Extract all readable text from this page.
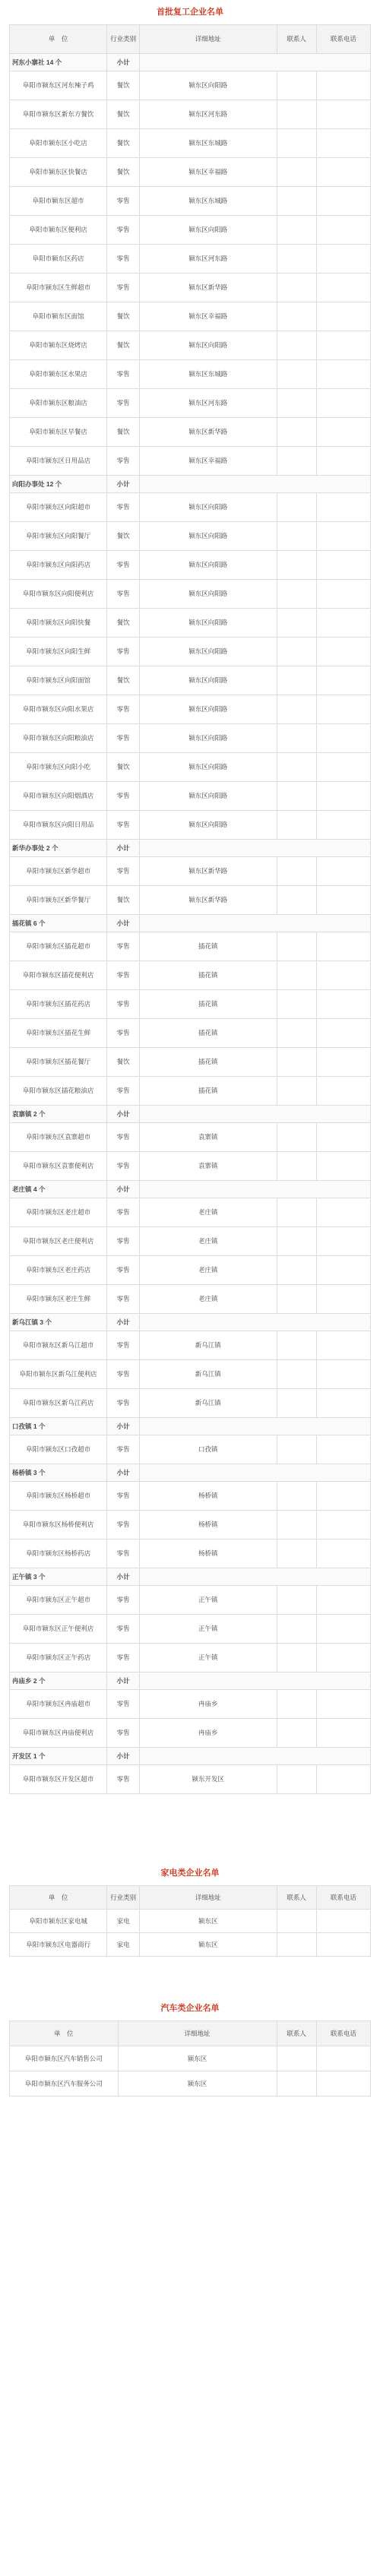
首批复工企业名单
单　位	行业类别	详细地址	联系人	联系电话
河东小寨社 14 个	小计			
阜阳市颍东区河东辣子鸡	餐饮	颍东区向阳路		
阜阳市颍东区新东方餐饮	餐饮	颍东区河东路		
阜阳市颍东区小吃店	餐饮	颍东区东城路		
阜阳市颍东区快餐店	餐饮	颍东区幸福路		
阜阳市颍东区超市	零售	颍东区东城路		
阜阳市颍东区便利店	零售	颍东区向阳路		
阜阳市颍东区药店	零售	颍东区河东路		
阜阳市颍东区生鲜超市	零售	颍东区新华路		
阜阳市颍东区面馆	餐饮	颍东区幸福路		
阜阳市颍东区烧烤店	餐饮	颍东区向阳路		
阜阳市颍东区水果店	零售	颍东区东城路		
阜阳市颍东区粮油店	零售	颍东区河东路		
阜阳市颍东区早餐店	餐饮	颍东区新华路		
阜阳市颍东区日用品店	零售	颍东区幸福路		
向阳办事处 12 个	小计			
阜阳市颍东区向阳超市	零售	颍东区向阳路		
阜阳市颍东区向阳餐厅	餐饮	颍东区向阳路		
阜阳市颍东区向阳药店	零售	颍东区向阳路		
阜阳市颍东区向阳便利店	零售	颍东区向阳路		
阜阳市颍东区向阳快餐	餐饮	颍东区向阳路		
阜阳市颍东区向阳生鲜	零售	颍东区向阳路		
阜阳市颍东区向阳面馆	餐饮	颍东区向阳路		
阜阳市颍东区向阳水果店	零售	颍东区向阳路		
阜阳市颍东区向阳粮油店	零售	颍东区向阳路		
阜阳市颍东区向阳小吃	餐饮	颍东区向阳路		
阜阳市颍东区向阳烟酒店	零售	颍东区向阳路		
阜阳市颍东区向阳日用品	零售	颍东区向阳路		
新华办事处 2 个	小计			
阜阳市颍东区新华超市	零售	颍东区新华路		
阜阳市颍东区新华餐厅	餐饮	颍东区新华路		
插花镇 6 个	小计			
阜阳市颍东区插花超市	零售	插花镇		
阜阳市颍东区插花便利店	零售	插花镇		
阜阳市颍东区插花药店	零售	插花镇		
阜阳市颍东区插花生鲜	零售	插花镇		
阜阳市颍东区插花餐厅	餐饮	插花镇		
阜阳市颍东区插花粮油店	零售	插花镇		
袁寨镇 2 个	小计			
阜阳市颍东区袁寨超市	零售	袁寨镇		
阜阳市颍东区袁寨便利店	零售	袁寨镇		
老庄镇 4 个	小计			
阜阳市颍东区老庄超市	零售	老庄镇		
阜阳市颍东区老庄便利店	零售	老庄镇		
阜阳市颍东区老庄药店	零售	老庄镇		
阜阳市颍东区老庄生鲜	零售	老庄镇		
新乌江镇 3 个	小计			
阜阳市颍东区新乌江超市	零售	新乌江镇		
阜阳市颍东区新乌江便利店	零售	新乌江镇		
阜阳市颍东区新乌江药店	零售	新乌江镇		
口孜镇 1 个	小计			
阜阳市颍东区口孜超市	零售	口孜镇		
杨桥镇 3 个	小计			
阜阳市颍东区杨桥超市	零售	杨桥镇		
阜阳市颍东区杨桥便利店	零售	杨桥镇		
阜阳市颍东区杨桥药店	零售	杨桥镇		
正午镇 3 个	小计			
阜阳市颍东区正午超市	零售	正午镇		
阜阳市颍东区正午便利店	零售	正午镇		
阜阳市颍东区正午药店	零售	正午镇		
冉庙乡 2 个	小计			
阜阳市颍东区冉庙超市	零售	冉庙乡		
阜阳市颍东区冉庙便利店	零售	冉庙乡		
开发区 1 个	小计			
阜阳市颍东区开发区超市	零售	颍东开发区		
家电类企业名单
单　位	行业类别	详细地址	联系人	联系电话
阜阳市颍东区家电城	家电	颍东区		
阜阳市颍东区电器商行	家电	颍东区		
汽车类企业名单
单　位	详细地址	联系人	联系电话
阜阳市颍东区汽车销售公司	颍东区		
阜阳市颍东区汽车服务公司	颍东区		
